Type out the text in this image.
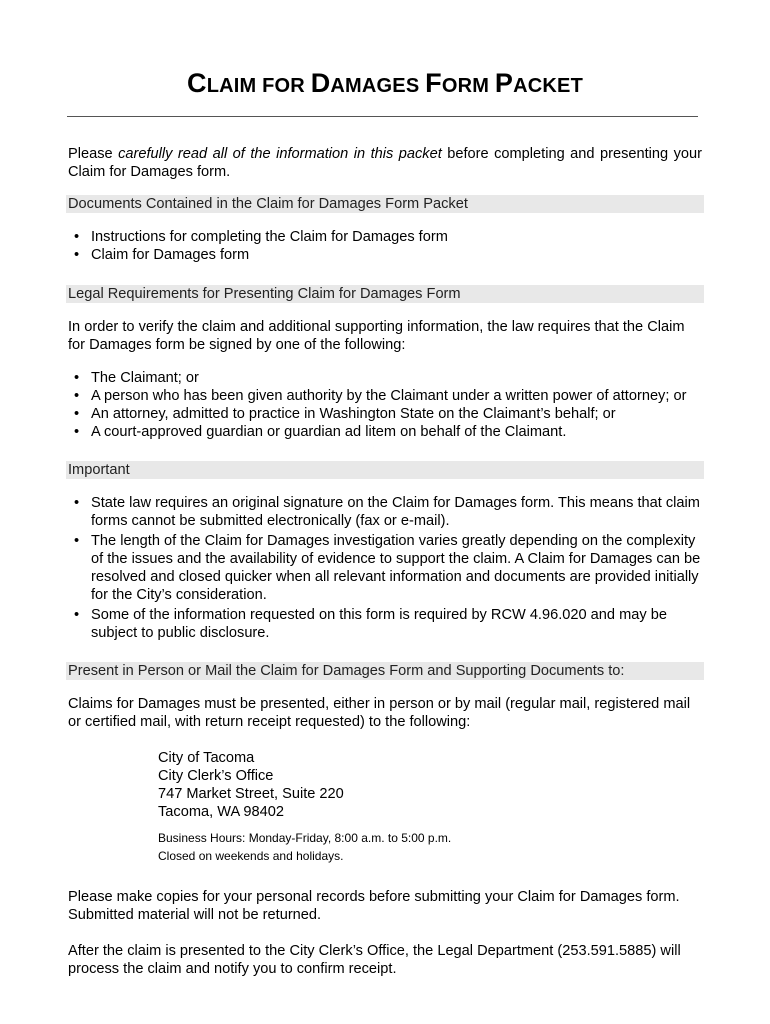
CLAIM FOR DAMAGES FORM PACKET

Please carefully read all of the information in this packet before completing and presenting your Claim for Damages form.

Documents Contained in the Claim for Damages Form Packet
• Instructions for completing the Claim for Damages form
• Claim for Damages form
Legal Requirements for Presenting Claim for Damages Form

In order to verify the claim and additional supporting information, the law requires that the Claim for Damages form be signed by one of the following:

• The Claimant; or
• A person who has been given authority by the Claimant under a written power of attorney; or
• An attorney, admitted to practice in Washington State on the Claimant’s behalf; or
• A court-approved guardian or guardian ad litem on behalf of the Claimant.
Important
• State law requires an original signature on the Claim for Damages form. This means that claim forms cannot be submitted electronically (fax or e-mail).
• The length of the Claim for Damages investigation varies greatly depending on the complexity of the issues and the availability of evidence to support the claim. A Claim for Damages can be resolved and closed quicker when all relevant information and documents are provided initially for the City’s consideration.
• Some of the information requested on this form is required by RCW 4.96.020 and may be subject to public disclosure.
Present in Person or Mail the Claim for Damages Form and Supporting Documents to:

Claims for Damages must be presented, either in person or by mail (regular mail, registered mail or certified mail, with return receipt requested) to the following:

City of Tacoma
City Clerk’s Office
747 Market Street, Suite 220
Tacoma, WA 98402
Business Hours: Monday-Friday, 8:00 a.m. to 5:00 p.m.
Closed on weekends and holidays.

Please make copies for your personal records before submitting your Claim for Damages form. Submitted material will not be returned.

After the claim is presented to the City Clerk’s Office, the Legal Department (253.591.5885) will process the claim and notify you to confirm receipt.
